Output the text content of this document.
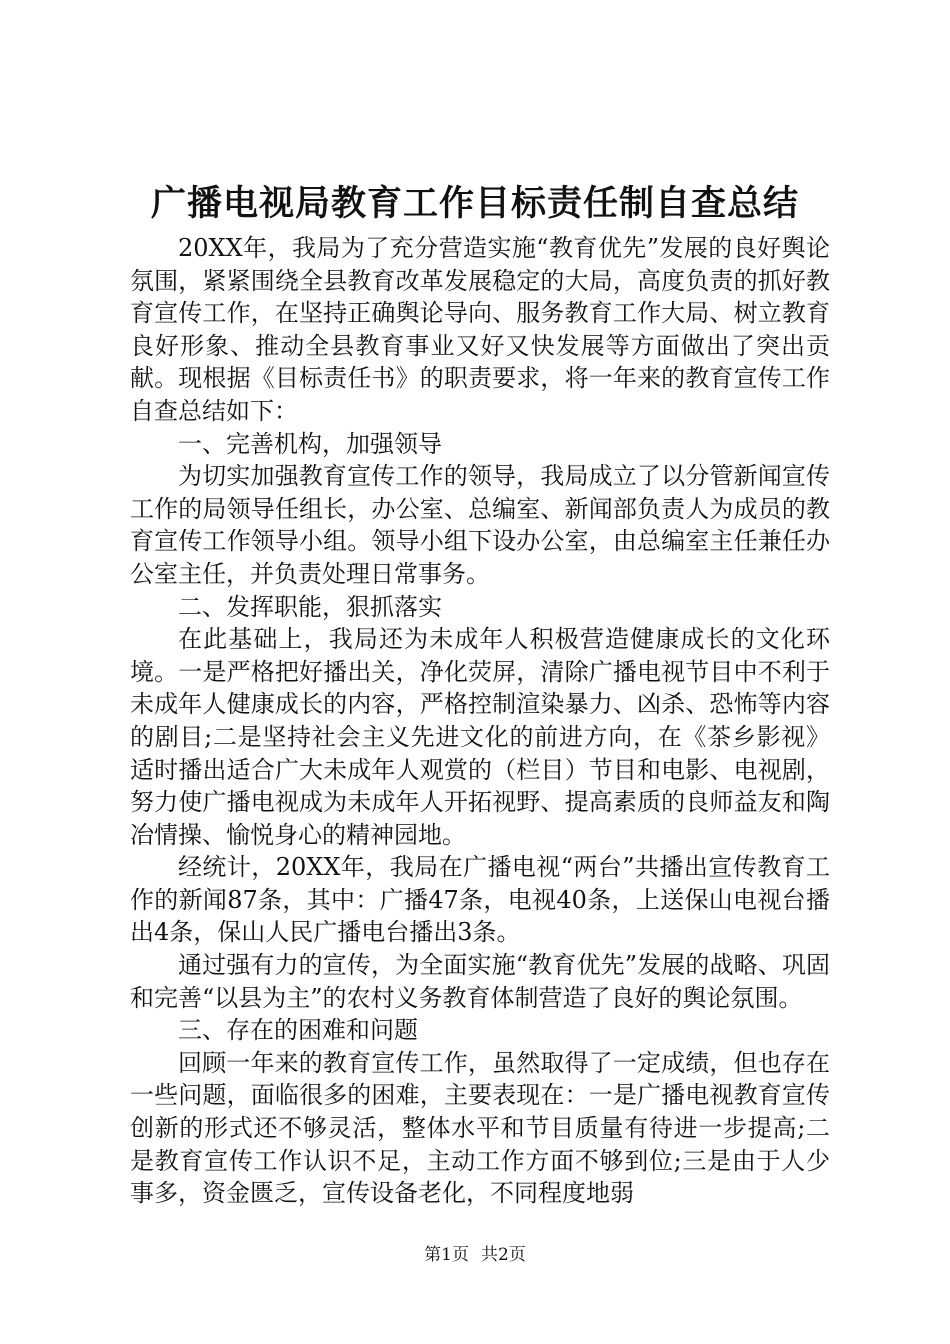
广播电视局教育工作目标责任制自查总结

20XX年，我局为了充分营造实施“教育优先”发展的良好舆论氛围，紧紧围绕全县教育改革发展稳定的大局，高度负责的抓好教育宣传工作，在坚持正确舆论导向、服务教育工作大局、树立教育良好形象、推动全县教育事业又好又快发展等方面做出了突出贡献。现根据《目标责任书》的职责要求，将一年来的教育宣传工作自查总结如下：

一、完善机构，加强领导

为切实加强教育宣传工作的领导，我局成立了以分管新闻宣传工作的局领导任组长，办公室、总编室、新闻部负责人为成员的教育宣传工作领导小组。领导小组下设办公室，由总编室主任兼任办公室主任，并负责处理日常事务。

二、发挥职能，狠抓落实

在此基础上，我局还为未成年人积极营造健康成长的文化环境。一是严格把好播出关，净化荧屏，清除广播电视节目中不利于未成年人健康成长的内容，严格控制渲染暴力、凶杀、恐怖等内容的剧目;二是坚持社会主义先进文化的前进方向，在《茶乡影视》适时播出适合广大未成年人观赏的（栏目）节目和电影、电视剧，努力使广播电视成为未成年人开拓视野、提高素质的良师益友和陶冶情操、愉悦身心的精神园地。

经统计，20XX年，我局在广播电视“两台”共播出宣传教育工作的新闻87条，其中：广播47条，电视40条，上送保山电视台播出4条，保山人民广播电台播出3条。

通过强有力的宣传，为全面实施“教育优先”发展的战略、巩固和完善“以县为主”的农村义务教育体制营造了良好的舆论氛围。

三、存在的困难和问题

回顾一年来的教育宣传工作，虽然取得了一定成绩，但也存在一些问题，面临很多的困难，主要表现在：一是广播电视教育宣传创新的形式还不够灵活，整体水平和节目质量有待进一步提高;二是教育宣传工作认识不足，主动工作方面不够到位;三是由于人少事多，资金匮乏，宣传设备老化，不同程度地弱

第1页 共2页
